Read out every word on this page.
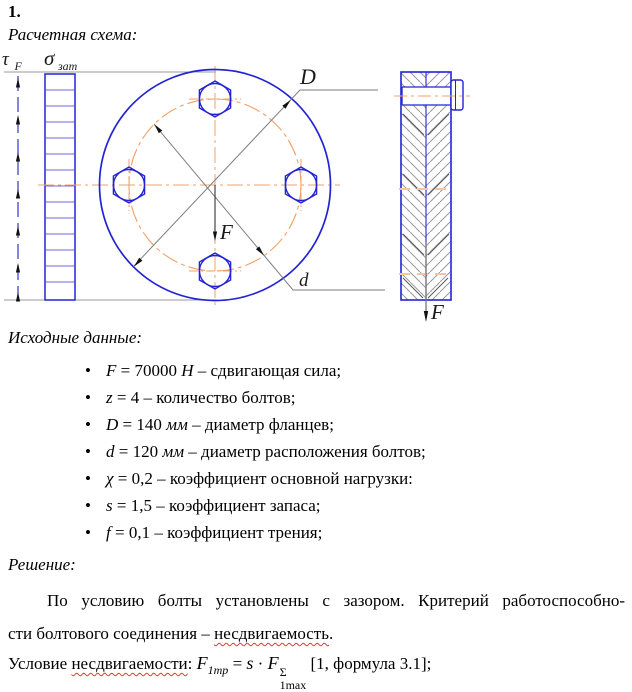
1.
Расчетная схема:
τ F σ зат	D
d
F
F
Исходные данные:
• F = 70000 Н – сдвигающая сила;
• z = 4 – количество болтов;
• D = 140 мм – диаметр фланцев;
• d = 120 мм – диаметр расположения болтов;
• χ = 0,2 – коэффициент основной нагрузки:
• s = 1,5 – коэффициент запаса;
• f = 0,1 – коэффициент трения;
Решение:
По условию болты установлены с зазором. Критерий работоспособно-
сти болтового соединения – несдвигаемость.
Условие несдвигаемости: $F_{1тр} = s \cdot F$ Σ
1max
[1, формула 3.1];
